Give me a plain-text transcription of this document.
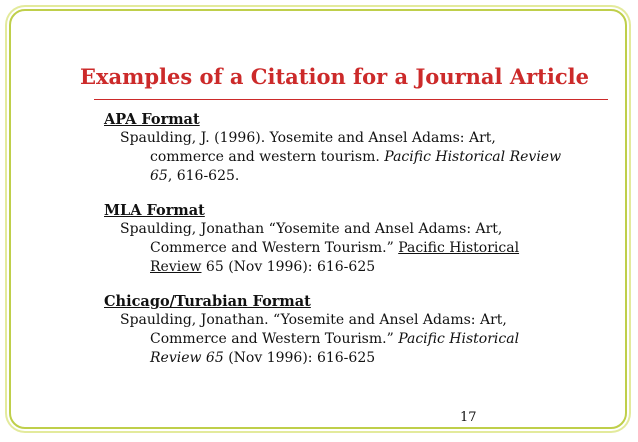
Examples of a Citation for a Journal Article
APA Format
Spaulding, J. (1996). Yosemite and Ansel Adams: Art,
commerce and western tourism. Pacific Historical Review
65, 616-625.
MLA Format
Spaulding, Jonathan “Yosemite and Ansel Adams: Art,
Commerce and Western Tourism.” Pacific Historical
Review 65 (Nov 1996): 616-625
Chicago/Turabian Format
Spaulding, Jonathan. “Yosemite and Ansel Adams: Art,
Commerce and Western Tourism.” Pacific Historical
Review 65 (Nov 1996): 616-625
17
